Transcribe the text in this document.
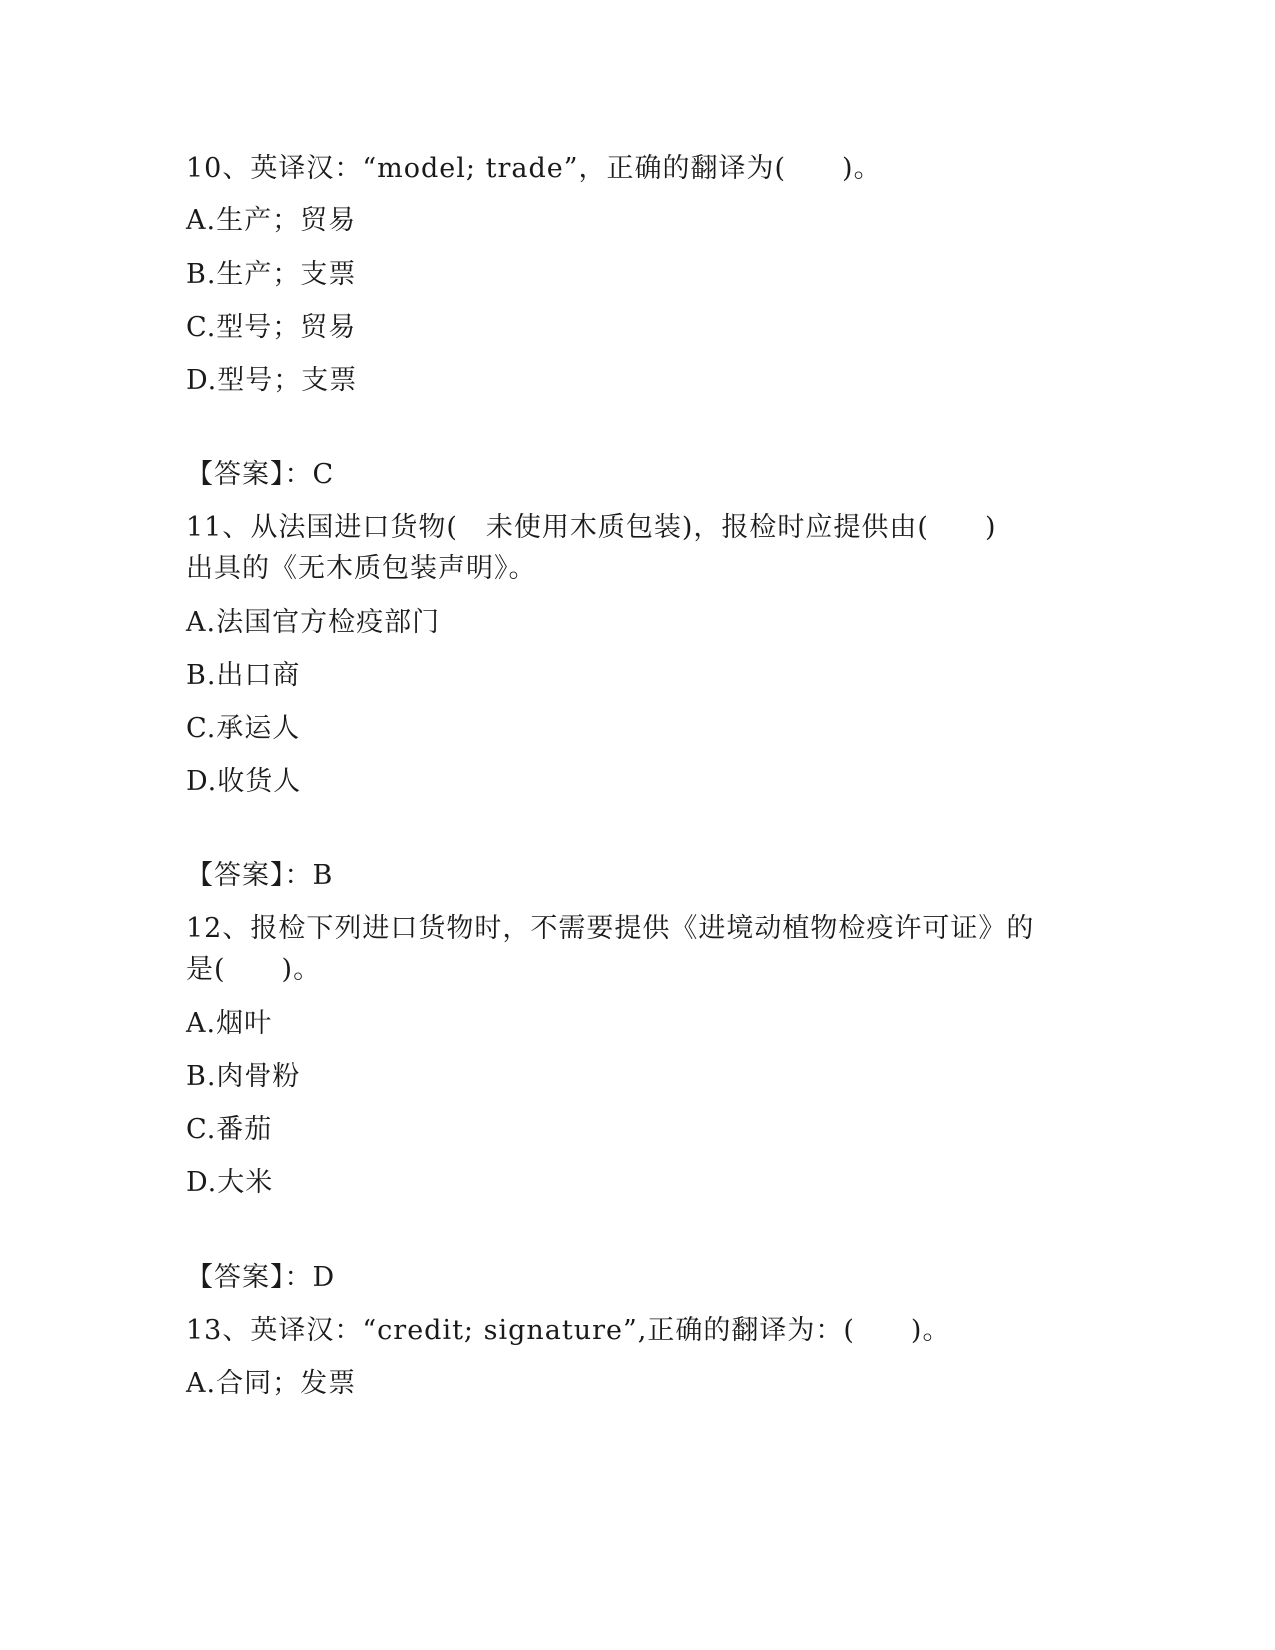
10、英译汉：“model; trade”，正确的翻译为(　　)。
A.生产；贸易
B.生产；支票
C.型号；贸易
D.型号；支票
【答案】：C
11、从法国进口货物(　未使用木质包装)，报检时应提供由(　　)
出具的《无木质包装声明》。
A.法国官方检疫部门
B.出口商
C.承运人
D.收货人
【答案】：B
12、报检下列进口货物时，不需要提供《进境动植物检疫许可证》的
是(　　)。
A.烟叶
B.肉骨粉
C.番茄
D.大米
【答案】：D
13、英译汉：“credit; signature”,正确的翻译为：(　　)。
A.合同；发票
